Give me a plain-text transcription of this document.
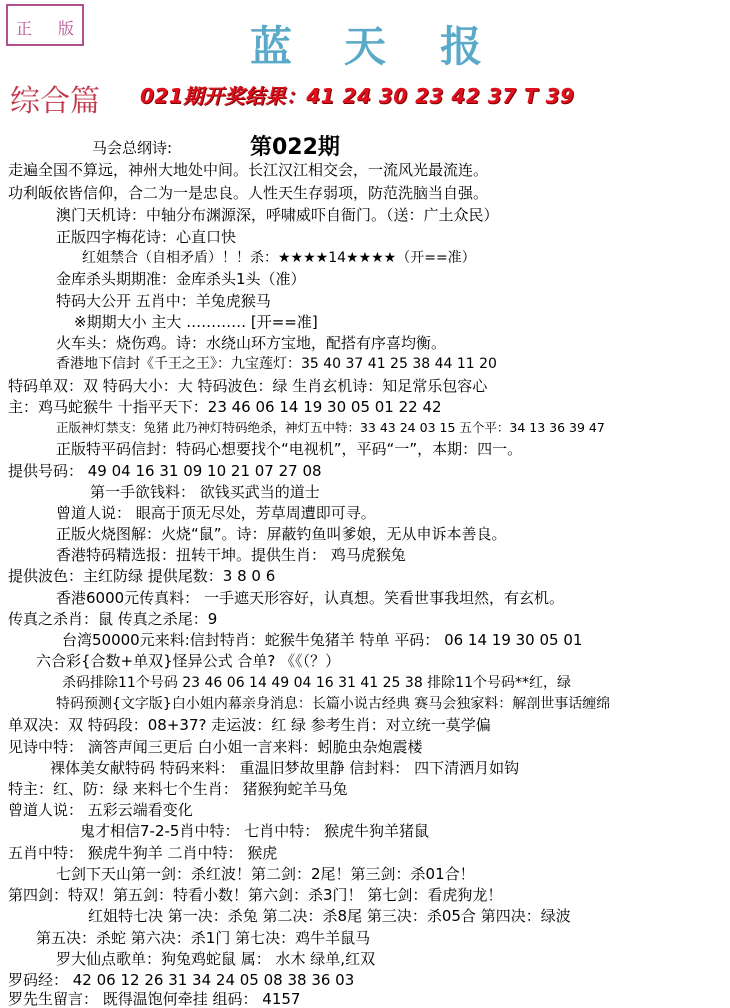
正 版	蓝 天 报
综合篇 021期开奖结果：41 24 30 23 42 37 T 39
第022期
马会总纲诗:
走遍全国不算远，神州大地处中间。长江汉江相交会，一流风光最流连。
功利皈依皆信仰，合二为一是忠良。人性天生存弱项，防范洗脑当自强。
澳门天机诗：中轴分布渊源深，呼啸威吓自衙门。（送：广土众民）
正版四字梅花诗：心直口快
红姐禁合（自相矛盾）！！杀：★★★★14★★★★（开==准）
金库杀头期期准：金库杀头1头（准）
特码大公开 五肖中：羊兔虎猴马
※期期大小 主大 ………… [开==准]
火车头：烧伤鸡。诗：水绕山环方宝地，配搭有序喜均衡。
香港地下信封《千王之王》：九宝莲灯：35 40 37 41 25 38 44 11 20
特码单双：双 特码大小：大 特码波色：绿 生肖玄机诗：知足常乐包容心
主：鸡马蛇猴牛 十指平天下：23 46 06 14 19 30 05 01 22 42
正版神灯禁支：兔猪 此乃神灯特码绝杀，神灯五中特：33 43 24 03 15 五个平：34 13 36 39 47
正版特平码信封：特码心想要找个“电视机”，平码“一”，本期：四一。
提供号码： 49 04 16 31 09 10 21 07 27 08
第一手欲钱料： 欲钱买武当的道士
曾道人说： 眼高于顶无尽处，芳草周遭即可寻。
正版火烧图解：火烧“鼠”。诗：屏蔽钓鱼叫爹娘，无从申诉本善良。
香港特码精选报：扭转干坤。提供生肖： 鸡马虎猴兔
提供波色：主红防绿 提供尾数：3 8 0 6
香港6000元传真料： 一手遮天形容好，认真想。笑看世事我坦然，有玄机。
传真之杀肖：鼠 传真之杀尾：9
台湾50000元来料:信封特肖：蛇猴牛兔猪羊 特单 平码： 06 14 19 30 05 01
六合彩{合数+单双}怪异公式 合单? 《《（？）
杀码排除11个号码 23 46 06 14 49 04 16 31 41 25 38 排除11个号码**红，绿
特码预测{文字版}白小姐内幕亲身消息：长篇小说古经典 赛马会独家料：解剖世事话缠绵
单双决：双 特码段：08+37? 走运波：红 绿 参考生肖：对立统一莫学偏
见诗中特： 滴答声闻三更后 白小姐一言来料：蚓脆虫杂炮震楼
裸体美女献特码 特码来料： 重温旧梦故里静 信封料： 四下清洒月如钩
特主：红、防：绿 来料七个生肖： 猪猴狗蛇羊马兔
曾道人说： 五彩云端看变化
鬼才相信7-2-5肖中特： 七肖中特： 猴虎牛狗羊猪鼠
五肖中特： 猴虎牛狗羊 二肖中特： 猴虎
七剑下天山第一剑：杀红波！第二剑：2尾！第三剑：杀01合！
第四剑：特双！第五剑：特看小数！第六剑：杀3门！ 第七剑：看虎狗龙！
红姐特七决 第一决：杀兔 第二决：杀8尾 第三决：杀05合 第四决：绿波
第五决：杀蛇 第六决：杀1门 第七决：鸡牛羊鼠马
罗大仙点歌单：狗兔鸡蛇鼠 属： 水木 绿单,红双
罗码经： 42 06 12 26 31 34 24 05 08 38 36 03
罗先生留言： 既得温饱何牵挂 组码： 4157
